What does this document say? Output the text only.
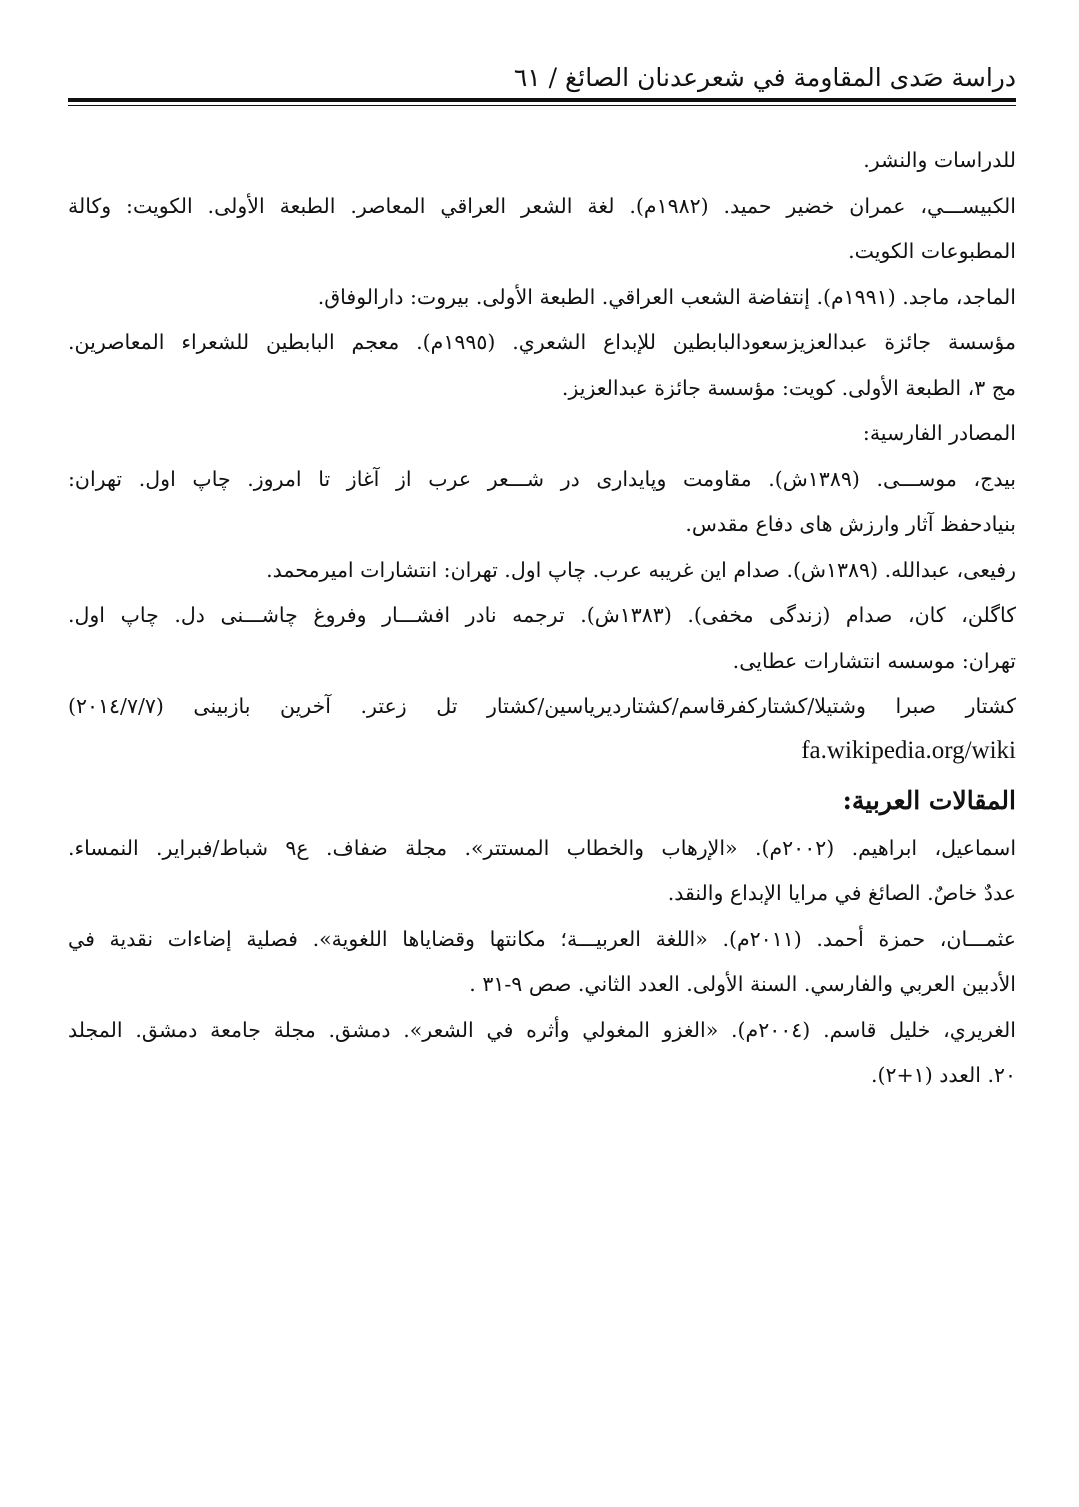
دراسة صَدى المقاومة في شعرعدنان الصائغ / ٦١
للدراسات والنشر.
الكبيســـي، عمران خضير حميد. (١٩٨٢م). لغة الشعر العراقي المعاصر. الطبعة الأولى. الكويت: وكالة
المطبوعات الكويت.
الماجد، ماجد. (١٩٩١م). إنتفاضة الشعب العراقي. الطبعة الأولى. بيروت: دارالوفاق.
مؤسسة جائزة عبدالعزيزسعودالبابطين للإبداع الشعري. (١٩٩٥م). معجم البابطين للشعراء المعاصرين.
مج ٣، الطبعة الأولى. كويت: مؤسسة جائزة عبدالعزيز.
المصادر الفارسية:
بيدج، موســـى. (١٣٨٩ش). مقاومت وپايدارى در شـــعر عرب از آغاز تا امروز. چاپ اول. تهران:
بنيادحفظ آثار وارزش هاى دفاع مقدس.
رفيعى، عبدالله. (١٣٨٩ش). صدام اين غريبه عرب. چاپ اول. تهران: انتشارات اميرمحمد.
كاگلن، كان، صدام (زندگى مخفى). (١٣٨٣ش). ترجمه نادر افشـــار وفروغ چاشـــنى دل. چاپ اول.
تهران: موسسه انتشارات عطايى.
كشتار صبرا وشتيلا/كشتاركفرقاسم/كشتارديرياسين/كشتار تل زعتر. آخرين بازبينى (٢٠١٤/٧/٧)
fa.wikipedia.org/wiki
المقالات العربية:
اسماعيل، ابراهيم. (٢٠٠٢م). «الإرهاب والخطاب المستتر». مجلة ضفاف. ع٩ شباط/فبراير. النمساء.
عددٌ خاصٌ. الصائغ في مرايا الإبداع والنقد.
عثمـــان، حمزة أحمد. (٢٠١١م). «اللغة العربيـــة؛ مكانتها وقضاياها اللغوية». فصلية إضاءات نقدية في
الأدبين العربي والفارسي. السنة الأولى. العدد الثاني. صص ٩-٣١ .
الغريري، خليل قاسم. (٢٠٠٤م). «الغزو المغولي وأثره في الشعر». دمشق. مجلة جامعة دمشق. المجلد
٢٠. العدد (١+٢).
